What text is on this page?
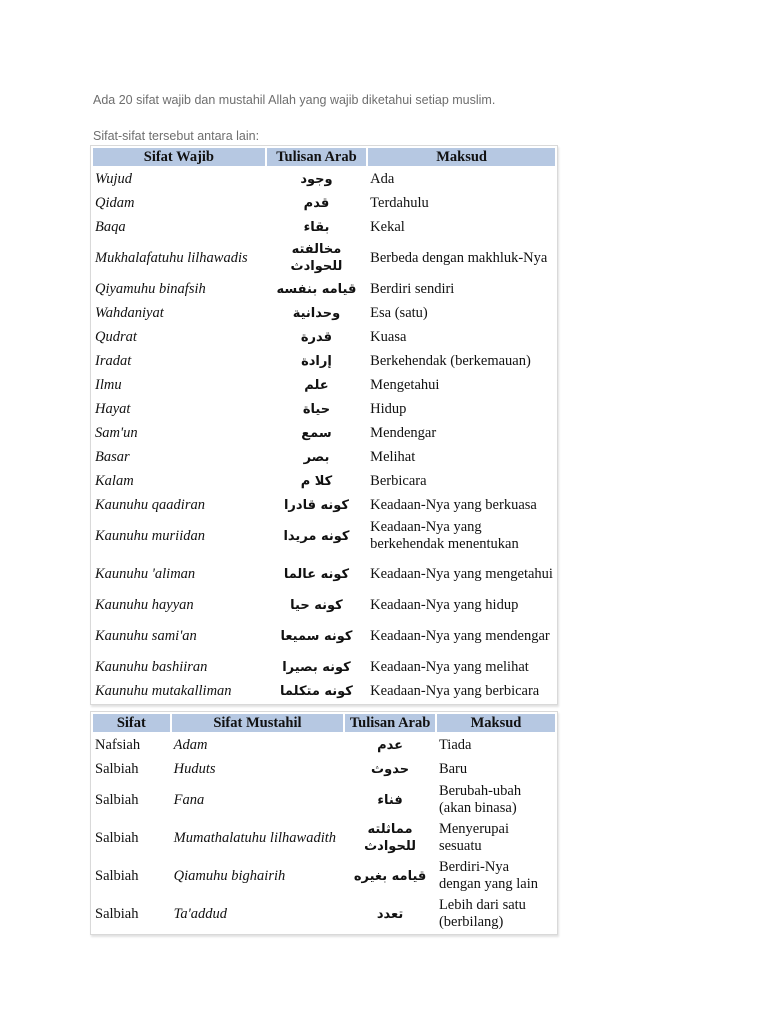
Ada 20 sifat wajib dan mustahil Allah yang wajib diketahui setiap muslim.

Sifat-sifat tersebut antara lain:

Sifat Wajib	Tulisan Arab	Maksud
Wujud	وجود	Ada
Qidam	قدم	Terdahulu
Baqa	بقاء	Kekal
Mukhalafatuhu lilhawadis	مخالفته للحوادث	Berbeda dengan makhluk-Nya
Qiyamuhu binafsih	قيامه بنفسه	Berdiri sendiri
Wahdaniyat	وحدانية	Esa (satu)
Qudrat	قدرة	Kuasa
Iradat	إرادة	Berkehendak (berkemauan)
Ilmu	علم	Mengetahui
Hayat	حياة	Hidup
Sam'un	سمع	Mendengar
Basar	بصر	Melihat
Kalam	كلا م	Berbicara
Kaunuhu qaadiran	كونه قادرا	Keadaan-Nya yang berkuasa
Kaunuhu muriidan	كونه مريدا	Keadaan-Nya yang berkehendak menentukan
Kaunuhu 'aliman	كونه عالما	Keadaan-Nya yang mengetahui
Kaunuhu hayyan	كونه حيا	Keadaan-Nya yang hidup
Kaunuhu sami'an	كونه سميعا	Keadaan-Nya yang mendengar
Kaunuhu bashiiran	كونه بصيرا	Keadaan-Nya yang melihat
Kaunuhu mutakalliman	كونه متكلما	Keadaan-Nya yang berbicara
Sifat	Sifat Mustahil	Tulisan Arab	Maksud
Nafsiah	Adam	عدم	Tiada
Salbiah	Huduts	حدوث	Baru
Salbiah	Fana	فناء	Berubah-ubah (akan binasa)
Salbiah	Mumathalatuhu lilhawadith	مماثلته للحوادث	Menyerupai sesuatu
Salbiah	Qiamuhu bighairih	قيامه بغيره	Berdiri-Nya dengan yang lain
Salbiah	Ta'addud	تعدد	Lebih dari satu (berbilang)
